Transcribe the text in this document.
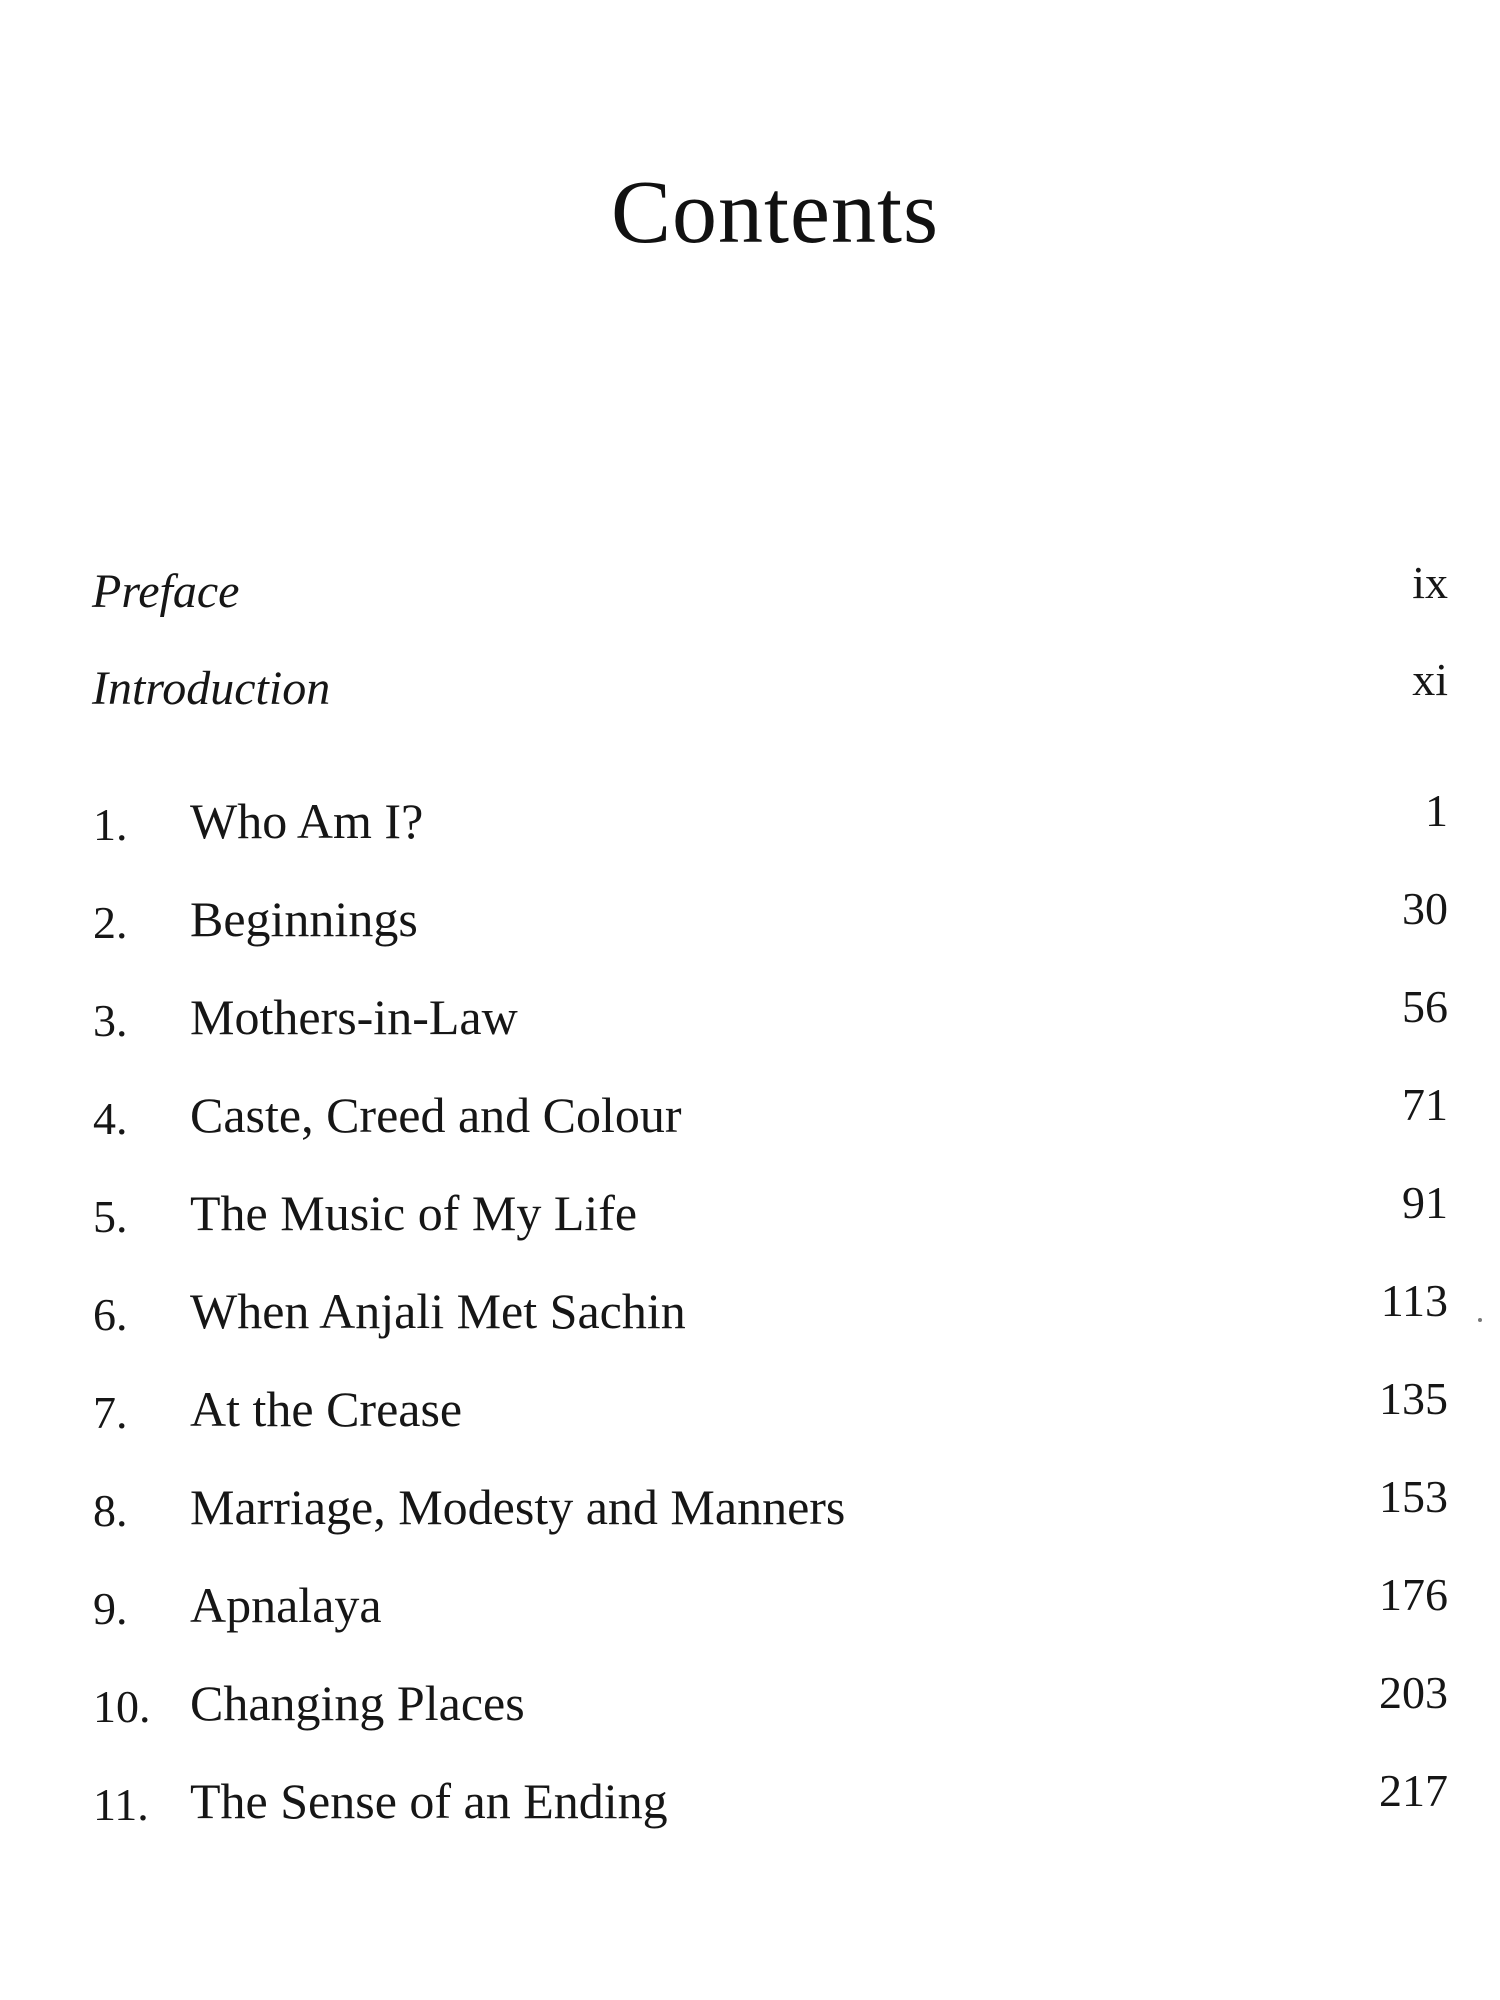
Contents
Preface	ix
Introduction	xi
1. Who Am I?	1
2. Beginnings	30
3. Mothers-in-Law	56
4. Caste, Creed and Colour	71
5. The Music of My Life	91
6. When Anjali Met Sachin	113
7. At the Crease	135
8. Marriage, Modesty and Manners	153
9. Apnalaya	176
10. Changing Places	203
11. The Sense of an Ending	217
